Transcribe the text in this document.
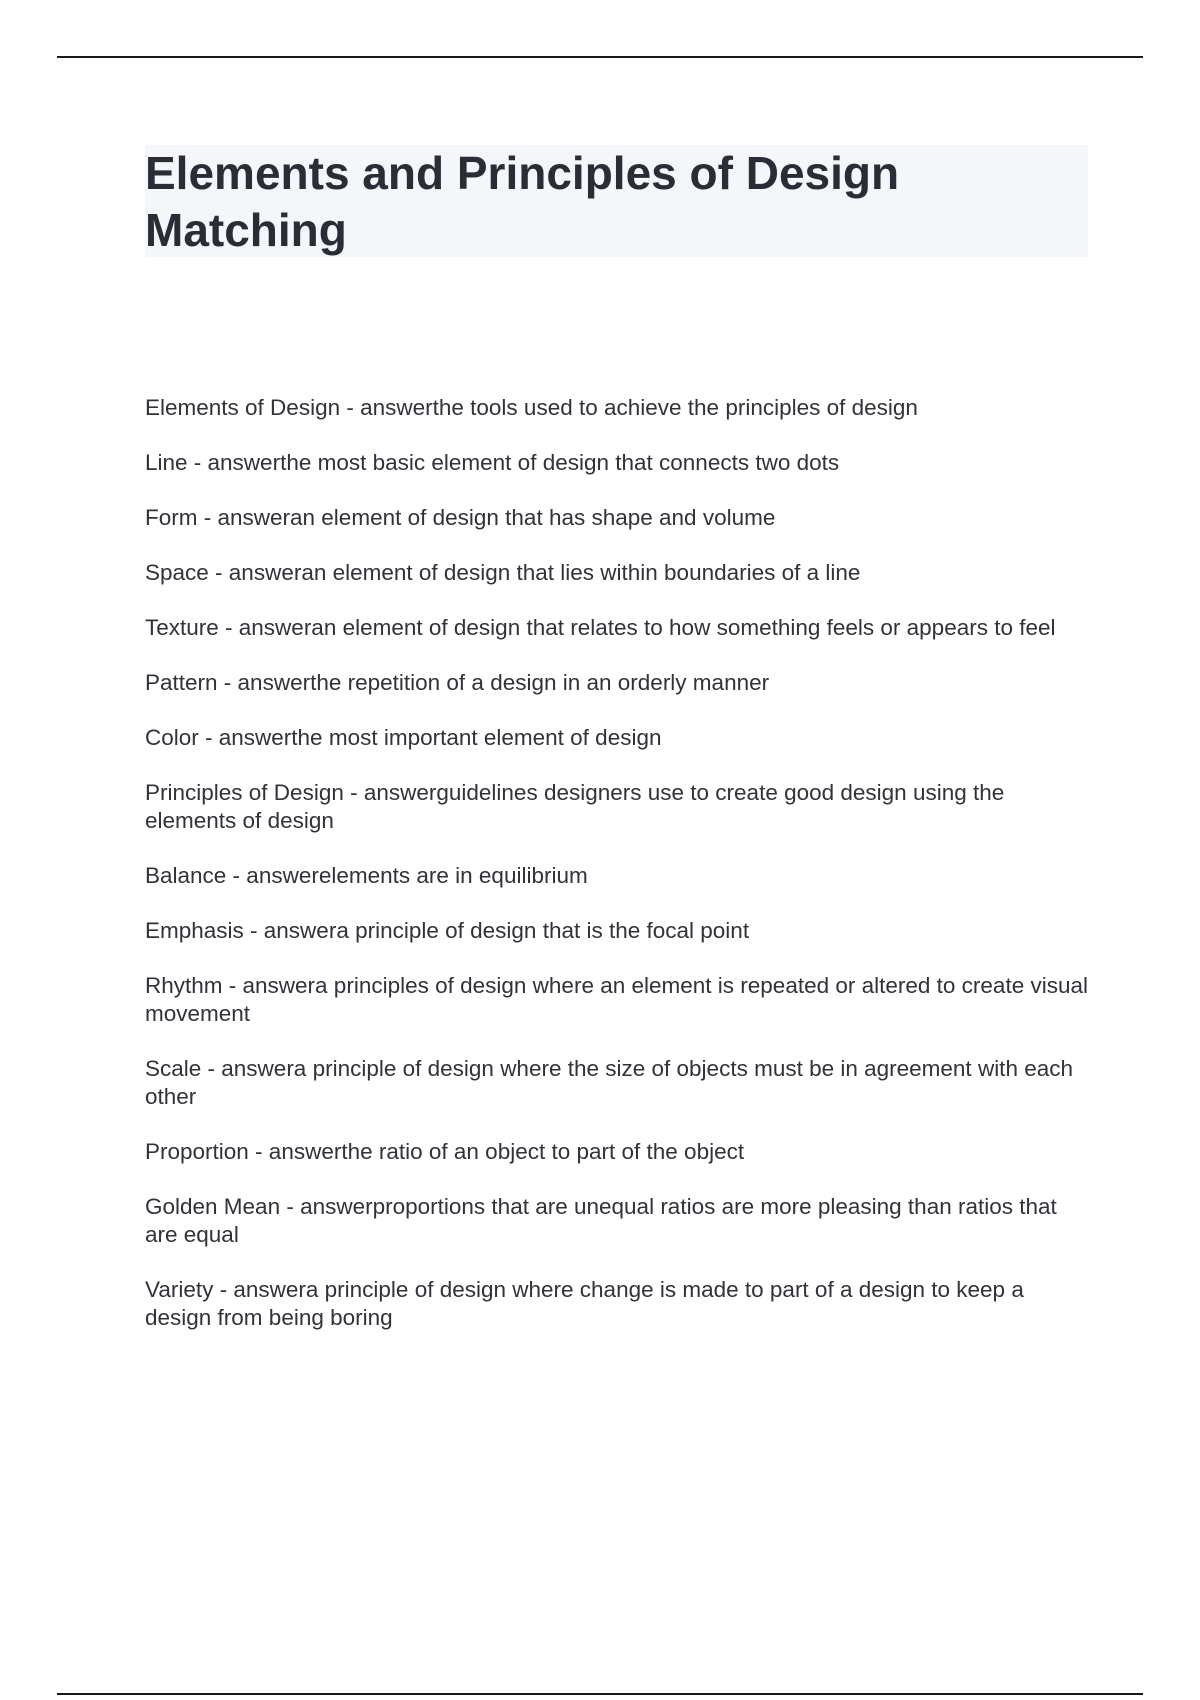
Elements and Principles of Design Matching
Elements of Design - answerthe tools used to achieve the principles of design
Line - answerthe most basic element of design that connects two dots
Form - answeran element of design that has shape and volume
Space - answeran element of design that lies within boundaries of a line
Texture - answeran element of design that relates to how something feels or appears to feel
Pattern - answerthe repetition of a design in an orderly manner
Color - answerthe most important element of design
Principles of Design - answerguidelines designers use to create good design using the elements of design
Balance - answerelements are in equilibrium
Emphasis - answera principle of design that is the focal point
Rhythm - answera principles of design where an element is repeated or altered to create visual movement
Scale - answera principle of design where the size of objects must be in agreement with each other
Proportion - answerthe ratio of an object to part of the object
Golden Mean - answerproportions that are unequal ratios are more pleasing than ratios that are equal
Variety - answera principle of design where change is made to part of a design to keep a design from being boring
